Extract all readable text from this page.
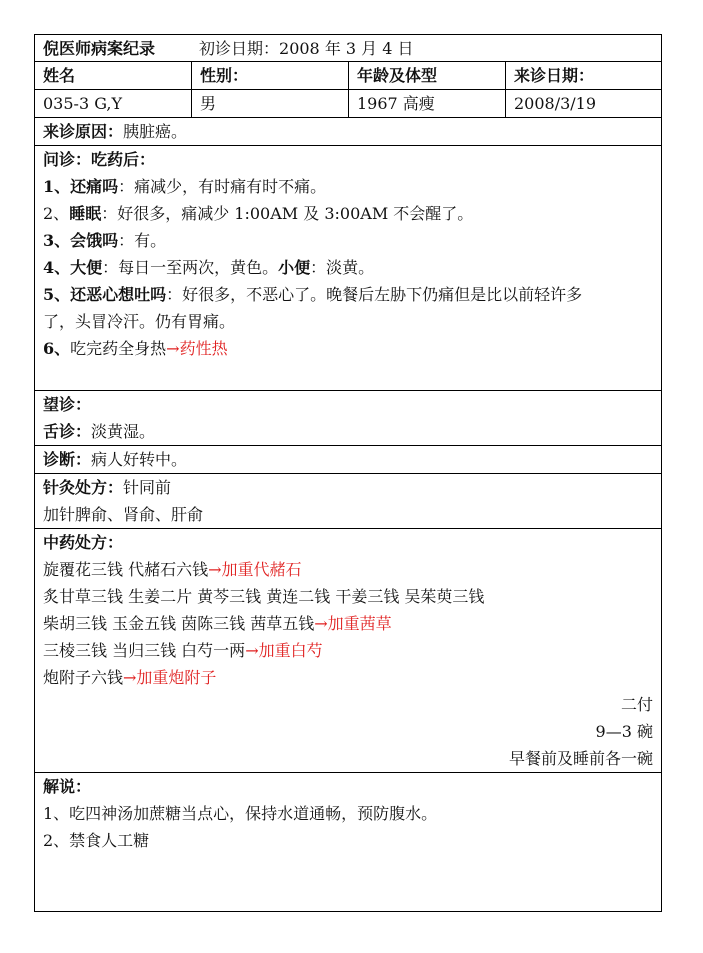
倪医师病案纪录	初诊日期：2008 年 3 月 4 日
姓名	性别：	年龄及体型	来诊日期：
035-3 G,Y	男	1967 高瘦	2008/3/19
来诊原因：胰脏癌。
问诊：吃药后：
1、还痛吗：痛减少，有时痛有时不痛。
2、睡眠：好很多，痛减少 1:00AM 及 3:00AM 不会醒了。
3、会饿吗：有。
4、大便：每日一至两次，黄色。小便：淡黄。
5、还恶心想吐吗：好很多，不恶心了。晚餐后左胁下仍痛但是比以前轻许多
了，头冒冷汗。仍有胃痛。
6、吃完药全身热→药性热
望诊：
舌诊：淡黄湿。
诊断：病人好转中。
针灸处方：针同前
加针脾俞、肾俞、肝俞
中药处方：
旋覆花三钱 代赭石六钱→加重代赭石
炙甘草三钱 生姜二片 黄芩三钱 黄连二钱 干姜三钱 吴茱萸三钱
柴胡三钱 玉金五钱 茵陈三钱 茜草五钱→加重茜草
三棱三钱 当归三钱 白芍一两→加重白芍
炮附子六钱→加重炮附子
二付
9—3 碗
早餐前及睡前各一碗
解说：
1、吃四神汤加蔗糖当点心，保持水道通畅，预防腹水。
2、禁食人工糖
